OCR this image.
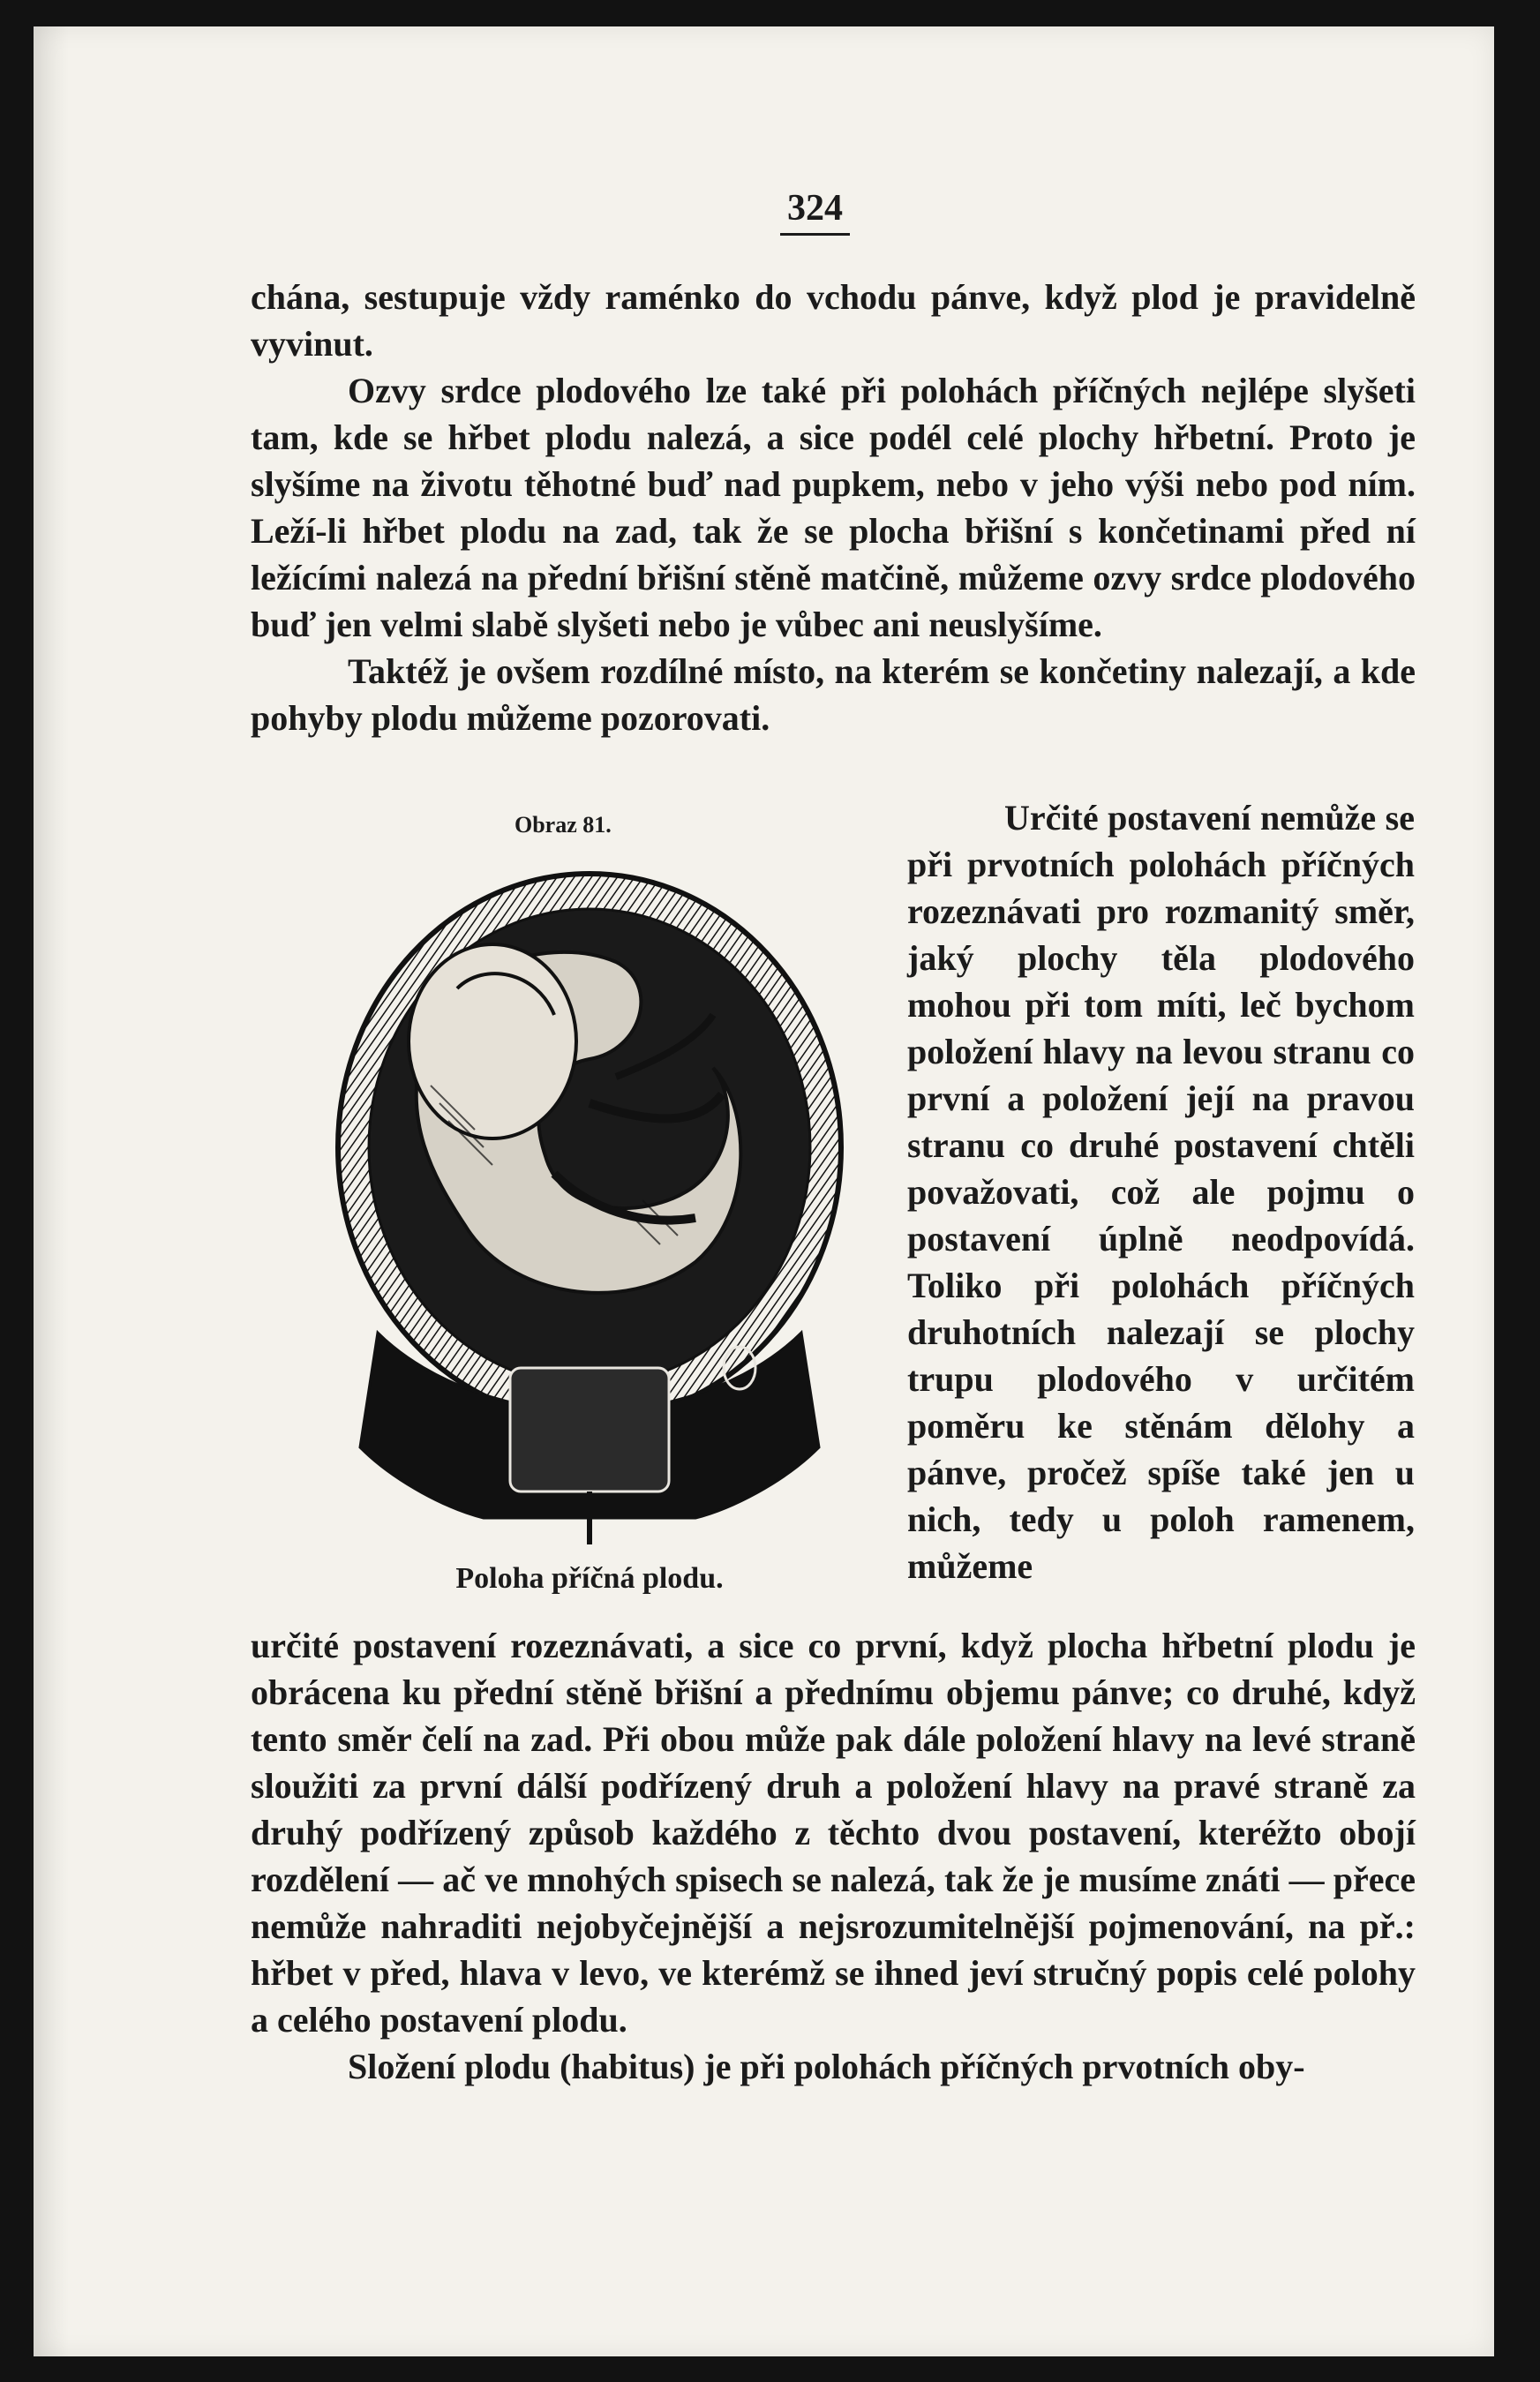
324
chána, sestupuje vždy raménko do vchodu pánve, když plod je pravidelně vyvinut.
Ozvy srdce plodového lze také při polohách příčných nejlépe slyšeti tam, kde se hřbet plodu nalezá, a sice podél celé plochy hřbetní. Proto je slyšíme na životu těhotné buď nad pupkem, nebo v jeho výši nebo pod ním. Leží-li hřbet plodu na zad, tak že se plocha břišní s končetinami před ní ležícími nalezá na přední břišní stěně matčině, můžeme ozvy srdce plodového buď jen velmi slabě slyšeti nebo je vůbec ani neuslyšíme.
Taktéž je ovšem rozdílné místo, na kterém se končetiny nalezají, a kde pohyby plodu můžeme pozorovati.
Obraz 81.
Poloha příčná plodu.
Určité postavení nemůže se při prvotních polohách příčných rozeznávati pro rozmanitý směr, jaký plochy těla plodového mohou při tom míti, leč bychom položení hlavy na levou stranu co první a položení její na pravou stranu co druhé postavení chtěli považovati, což ale pojmu o postavení úplně neodpovídá. Toliko při polohách příčných druhotních nalezají se plochy trupu plodového v určitém poměru ke stěnám dělohy a pánve, pročež spíše také jen u nich, tedy u poloh ramenem, můžeme
určité postavení rozeznávati, a sice co první, když plocha hřbetní plodu je obrácena ku přední stěně břišní a přednímu objemu pánve; co druhé, když tento směr čelí na zad. Při obou může pak dále položení hlavy na levé straně sloužiti za první dálší podřízený druh a položení hlavy na pravé straně za druhý podřízený způsob každého z těchto dvou postavení, kteréžto obojí rozdělení — ač ve mnohých spisech se nalezá, tak že je musíme znáti — přece nemůže nahraditi nejobyčejnější a nejsrozumitelnější pojmenování, na př.: hřbet v před, hlava v levo, ve kterémž se ihned jeví stručný popis celé polohy a celého postavení plodu.
Složení plodu (habitus) je při polohách příčných prvotních oby-
